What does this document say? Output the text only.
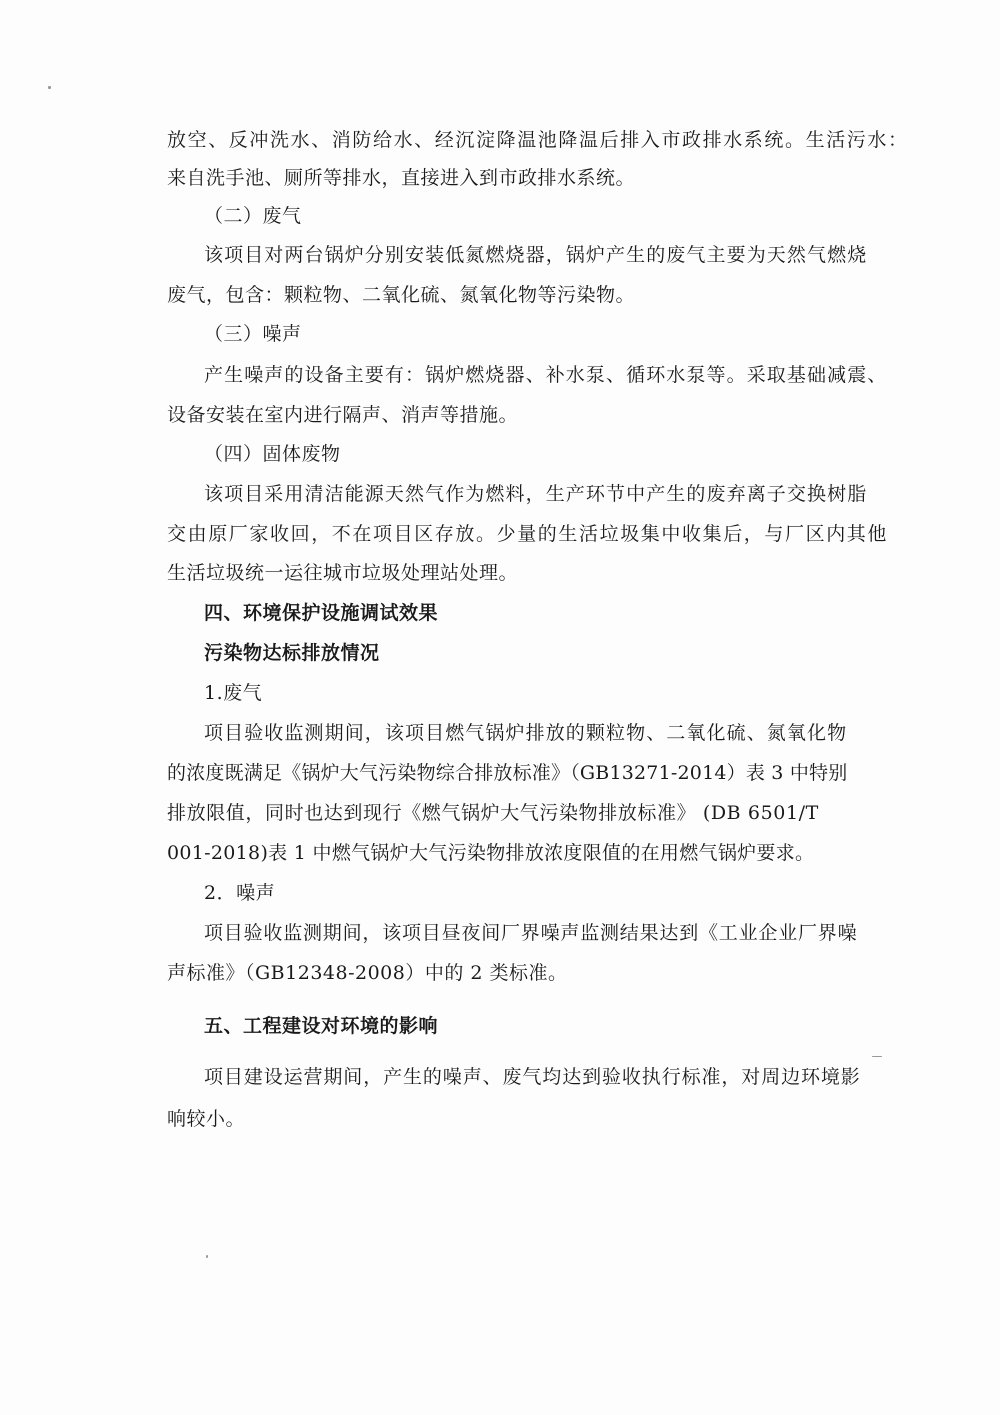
放空、反冲洗水、消防给水、经沉淀降温池降温后排入市政排水系统。生活污水：
来自洗手池、厕所等排水，直接进入到市政排水系统。
（二）废气
该项目对两台锅炉分别安装低氮燃烧器，锅炉产生的废气主要为天然气燃烧
废气，包含：颗粒物、二氧化硫、氮氧化物等污染物。
（三）噪声
产生噪声的设备主要有：锅炉燃烧器、补水泵、循环水泵等。采取基础减震、
设备安装在室内进行隔声、消声等措施。
（四）固体废物
该项目采用清洁能源天然气作为燃料，生产环节中产生的废弃离子交换树脂
交由原厂家收回，不在项目区存放。少量的生活垃圾集中收集后，与厂区内其他
生活垃圾统一运往城市垃圾处理站处理。
四、环境保护设施调试效果
污染物达标排放情况
1.废气
项目验收监测期间，该项目燃气锅炉排放的颗粒物、二氧化硫、氮氧化物
的浓度既满足《锅炉大气污染物综合排放标准》（GB13271-2014）表 3 中特别
排放限值，同时也达到现行《燃气锅炉大气污染物排放标准》 (DB 6501/T
001-2018)表 1 中燃气锅炉大气污染物排放浓度限值的在用燃气锅炉要求。
2．噪声
项目验收监测期间，该项目昼夜间厂界噪声监测结果达到《工业企业厂界噪
声标准》（GB12348-2008）中的 2 类标准。
五、工程建设对环境的影响
项目建设运营期间，产生的噪声、废气均达到验收执行标准，对周边环境影
响较小。
